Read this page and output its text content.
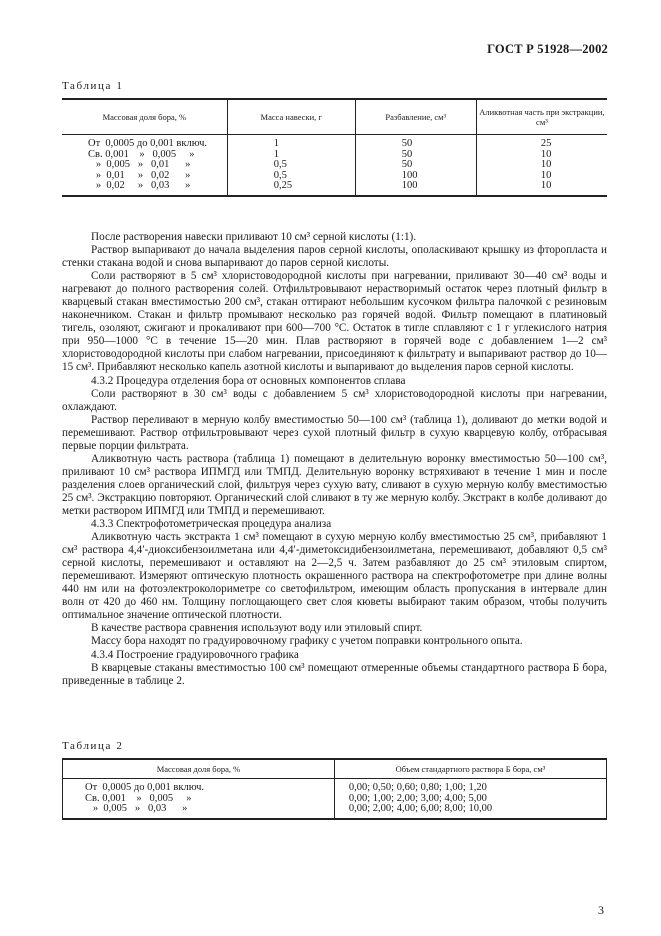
ГОСТ Р 51928—2002
Таблица 1
Массовая доля бора, %	Масса навески, г	Разбавление, см³	Аликвотная часть при экстракции, см³
От  0,0005 до 0,001 включ.	1	50	25
Св. 0,001    »   0,005     »	1	50	10
»  0,005   »   0,01      »	0,5	50	10
»  0,01     »   0,02      »	0,5	100	10
»  0,02     »   0,03      »	0,25	100	10

После растворения навески приливают 10 см³ серной кислоты (1:1).

Раствор выпаривают до начала выделения паров серной кислоты, ополаскивают крышку из фторопласта и стенки стакана водой и снова выпаривают до паров серной кислоты.

Соли растворяют в 5 см³ хлористоводородной кислоты при нагревании, приливают 30—40 см³ воды и нагревают до полного растворения солей. Отфильтровывают нерастворимый остаток через плотный фильтр в кварцевый стакан вместимостью 200 см³, стакан оттирают небольшим кусочком фильтра палочкой с резиновым наконечником. Стакан и фильтр промывают несколько раз горячей водой. Фильтр помещают в платиновый тигель, озоляют, сжигают и прокаливают при 600—700 °С. Остаток в тигле сплавляют с 1 г углекислого натрия при 950—1000 °С в течение 15—20 мин. Плав растворяют в горячей воде с добавлением 1—2 см³ хлористоводородной кислоты при слабом нагревании, присоединяют к фильтрату и выпаривают раствор до 10—15 см³. Прибавляют несколько капель азотной кислоты и выпаривают до выделения паров серной кислоты.

4.3.2 Процедура отделения бора от основных компонентов сплава

Соли растворяют в 30 см³ воды с добавлением 5 см³ хлористоводородной кислоты при нагревании, охлаждают.

Раствор переливают в мерную колбу вместимостью 50—100 см³ (таблица 1), доливают до метки водой и перемешивают. Раствор отфильтровывают через сухой плотный фильтр в сухую кварцевую колбу, отбрасывая первые порции фильтрата.

Аликвотную часть раствора (таблица 1) помещают в делительную воронку вместимостью 50—100 см³, приливают 10 см³ раствора ИПМГД или ТМПД. Делительную воронку встряхивают в течение 1 мин и после разделения слоев органический слой, фильтруя через сухую вату, сливают в сухую мерную колбу вместимостью 25 см³. Экстракцию повторяют. Органический слой сливают в ту же мерную колбу. Экстракт в колбе доливают до метки раствором ИПМГД или ТМПД и перемешивают.

4.3.3 Спектрофотометрическая процедура анализа

Аликвотную часть экстракта 1 см³ помещают в сухую мерную колбу вместимостью 25 см³, прибавляют 1 см³ раствора 4,4′-диоксибензоилметана или 4,4′-диметоксидибензоилметана, перемешивают, добавляют 0,5 см³ серной кислоты, перемешивают и оставляют на 2—2,5 ч. Затем разбавляют до 25 см³ этиловым спиртом, перемешивают. Измеряют оптическую плотность окрашенного раствора на спектрофотометре при длине волны 440 нм или на фотоэлектроколориметре со светофильтром, имеющим область пропускания в интервале длин волн от 420 до 460 нм. Толщину поглощающего свет слоя кюветы выбирают таким образом, чтобы получить оптимальное значение оптической плотности.

В качестве раствора сравнения используют воду или этиловый спирт.

Массу бора находят по градуировочному графику с учетом поправки контрольного опыта.

4.3.4 Построение градуировочного графика

В кварцевые стаканы вместимостью 100 см³ помещают отмеренные объемы стандартного раствора Б бора, приведенные в таблице 2.

Таблица 2
Массовая доля бора, %	Объем стандартного раствора Б бора, см³
От  0,0005 до 0,001 включ.	0,00; 0,50; 0,60; 0,80; 1,00; 1,20
Св. 0,001    »   0,005     »	0,00; 1,00; 2,00; 3,00; 4,00; 5,00
»  0,005   »   0,03      »	0,00; 2,00; 4,00; 6,00; 8,00; 10,00
3
